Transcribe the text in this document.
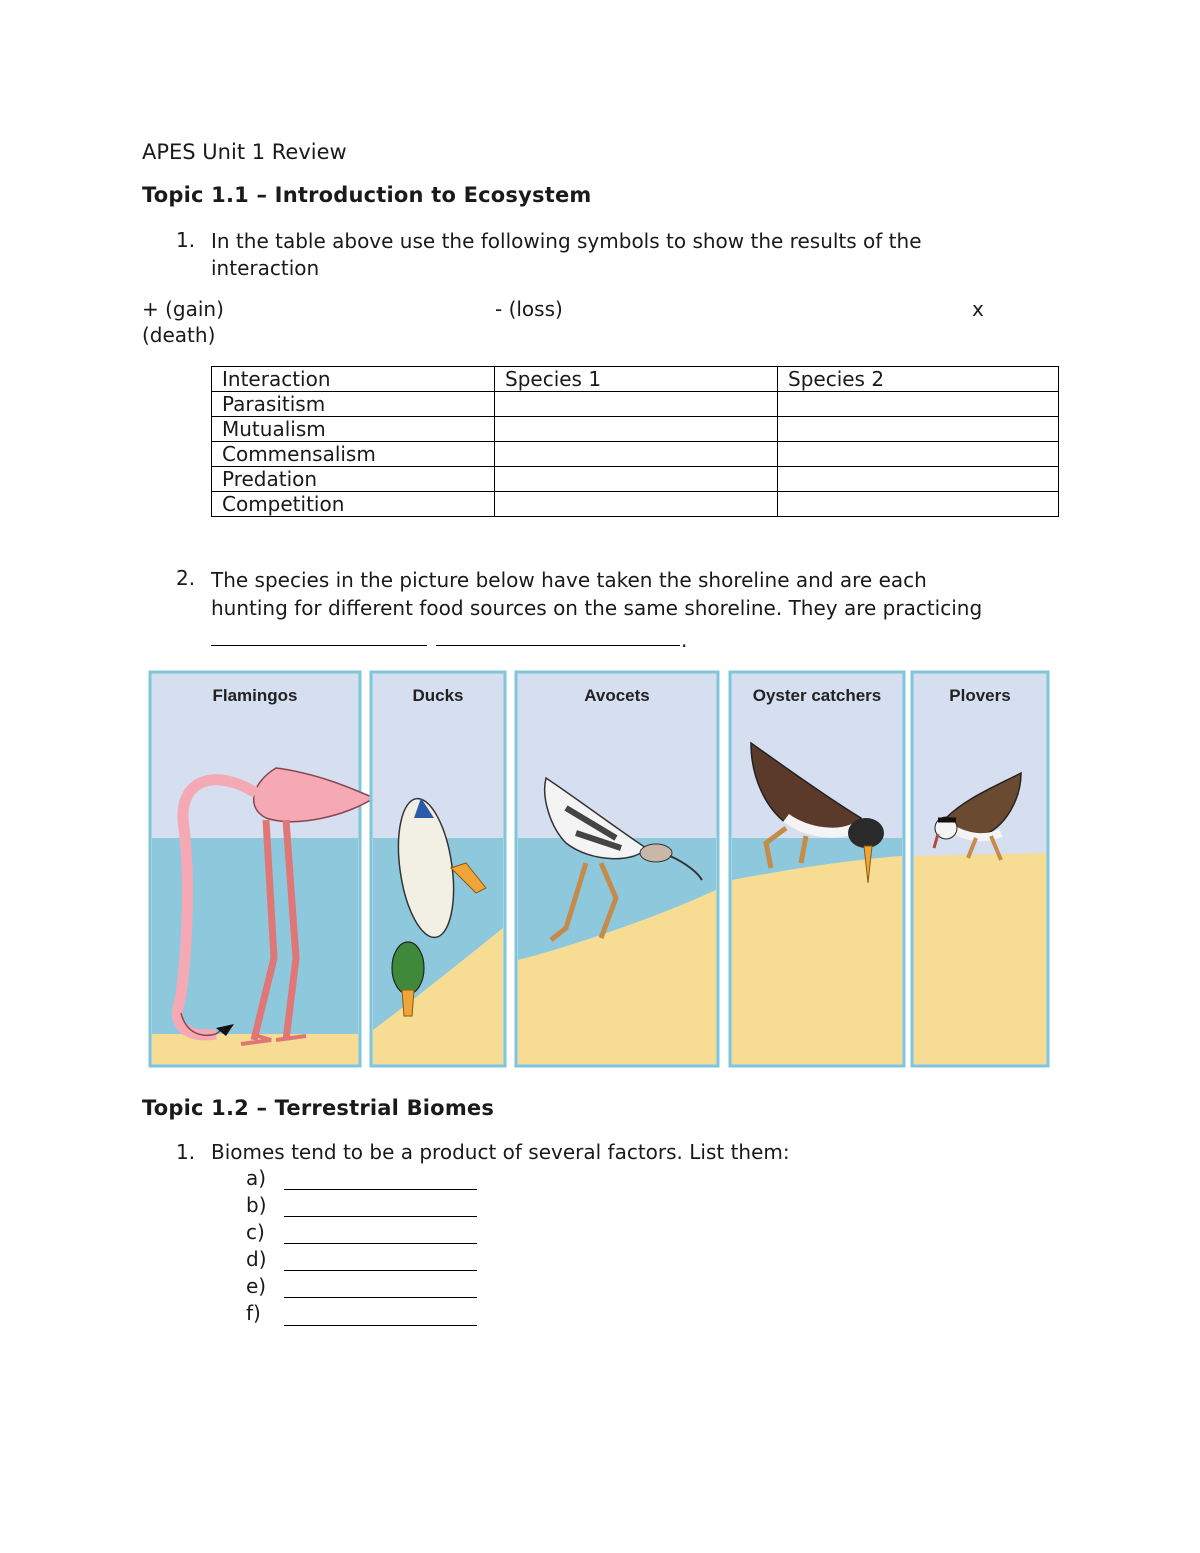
APES Unit 1 Review
Topic 1.1 – Introduction to Ecosystem
1. In the table above use the following symbols to show the results of the
interaction
+ (gain)	- (loss)	x
(death)
Interaction	Species 1	Species 2
Parasitism		
Mutualism		
Commensalism		
Predation		
Competition		
2. The species in the picture below have taken the shoreline and are each
hunting for different food sources on the same shoreline. They are practicing
.
Flamingos	Ducks	Avocets	Oyster catchers	Plovers
Topic 1.2 – Terrestrial Biomes
1. Biomes tend to be a product of several factors. List them:
a)
b)
c)
d)
e)
f)
